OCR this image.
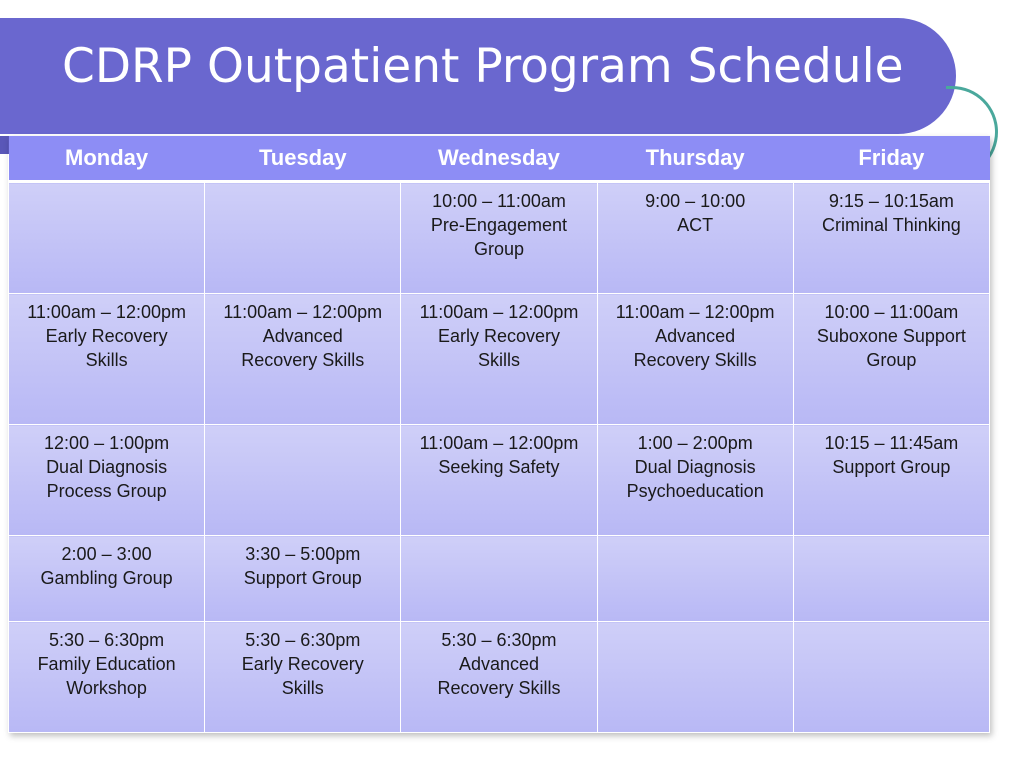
CDRP Outpatient Program Schedule
Monday	Tuesday	Wednesday	Thursday	Friday

		10:00 – 11:00am
Pre-Engagement
Group	9:00 – 10:00
ACT	9:15 – 10:15am
Criminal Thinking

11:00am – 12:00pm
Early Recovery
Skills	11:00am – 12:00pm
Advanced
Recovery Skills	11:00am – 12:00pm
Early Recovery
Skills	11:00am – 12:00pm
Advanced
Recovery Skills	10:00 – 11:00am
Suboxone Support
Group

12:00 – 1:00pm
Dual Diagnosis
Process Group		11:00am – 12:00pm
Seeking Safety	1:00 – 2:00pm
Dual Diagnosis
Psychoeducation	10:15 – 11:45am
Support Group

2:00 – 3:00
Gambling Group	3:30 – 5:00pm
Support Group			

5:30 – 6:30pm
Family Education
Workshop	5:30 – 6:30pm
Early Recovery
Skills	5:30 – 6:30pm
Advanced
Recovery Skills		
